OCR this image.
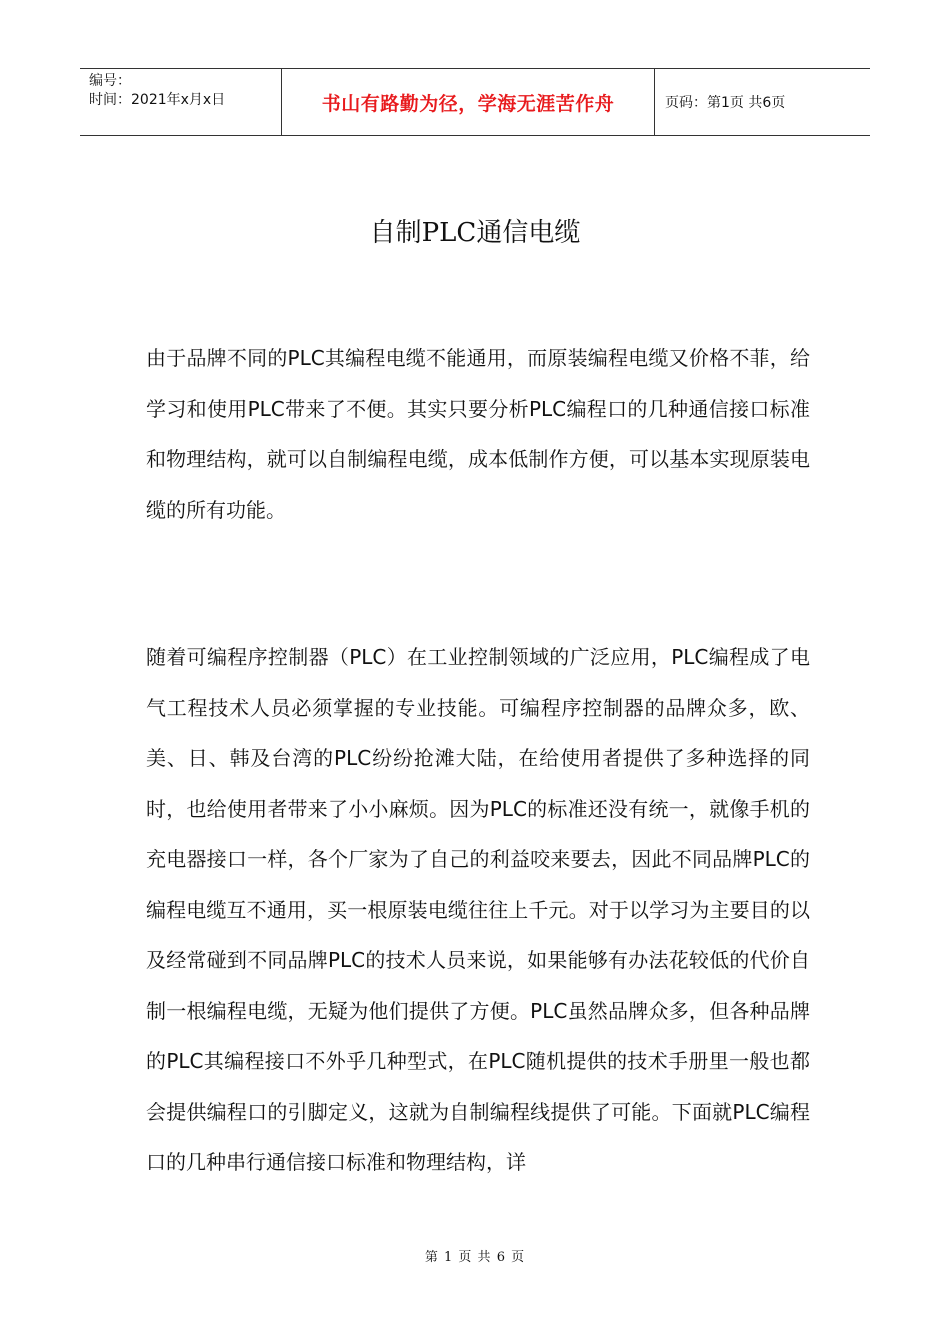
编号：
时间：2021年x月x日	书山有路勤为径，学海无涯苦作舟	页码：第1页 共6页
自制PLC通信电缆

由于品牌不同的PLC其编程电缆不能通用，而原装编程电缆又价格不菲，给学习和使用PLC带来了不便。其实只要分析PLC编程口的几种通信接口标准和物理结构，就可以自制编程电缆，成本低制作方便，可以基本实现原装电缆的所有功能。

随着可编程序控制器（PLC）在工业控制领域的广泛应用，PLC编程成了电气工程技术人员必须掌握的专业技能。可编程序控制器的品牌众多，欧、美、日、韩及台湾的PLC纷纷抢滩大陆，在给使用者提供了多种选择的同时，也给使用者带来了小小麻烦。因为PLC的标准还没有统一，就像手机的充电器接口一样，各个厂家为了自己的利益咬来要去，因此不同品牌PLC的编程电缆互不通用，买一根原装电缆往往上千元。对于以学习为主要目的以及经常碰到不同品牌PLC的技术人员来说，如果能够有办法花较低的代价自制一根编程电缆，无疑为他们提供了方便。PLC虽然品牌众多，但各种品牌的PLC其编程接口不外乎几种型式，在PLC随机提供的技术手册里一般也都会提供编程口的引脚定义，这就为自制编程线提供了可能。下面就PLC编程口的几种串行通信接口标准和物理结构，详

第 1 页 共 6 页
